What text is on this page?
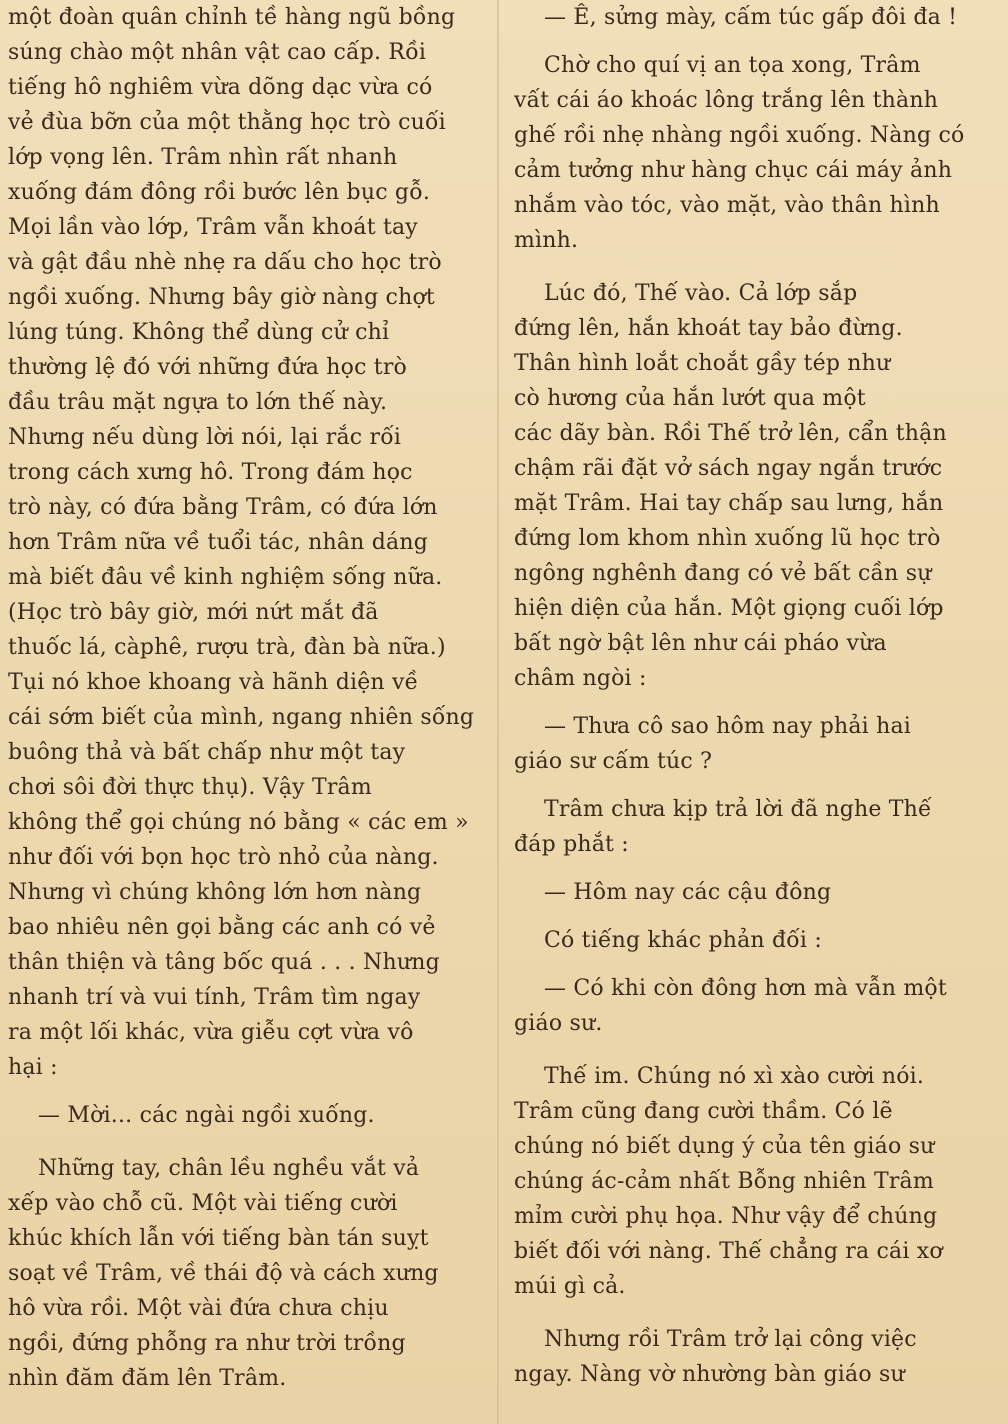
một đoàn quân chỉnh tề hàng ngũ bồng
súng chào một nhân vật cao cấp. Rồi
tiếng hô nghiêm vừa dõng dạc vừa có
vẻ đùa bỡn của một thằng học trò cuối
lớp vọng lên. Trâm nhìn rất nhanh
xuống đám đông rồi bước lên bục gỗ.
Mọi lần vào lớp, Trâm vẫn khoát tay
và gật đầu nhè nhẹ ra dấu cho học trò
ngồi xuống. Nhưng bây giờ nàng chợt
lúng túng. Không thể dùng cử chỉ
thường lệ đó với những đứa học trò
đầu trâu mặt ngựa to lớn thế này.
Nhưng nếu dùng lời nói, lại rắc rối
trong cách xưng hô. Trong đám học
trò này, có đứa bằng Trâm, có đứa lớn
hơn Trâm nữa về tuổi tác, nhân dáng
mà biết đâu về kinh nghiệm sống nữa.
(Học trò bây giờ, mới nứt mắt đã
thuốc lá, càphê, rượu trà, đàn bà nữa.)
Tụi nó khoe khoang và hãnh diện về
cái sớm biết của mình, ngang nhiên sống
buông thả và bất chấp như một tay
chơi sôi đời thực thụ). Vậy Trâm
không thể gọi chúng nó bằng « các em »
như đối với bọn học trò nhỏ của nàng.
Nhưng vì chúng không lớn hơn nàng
bao nhiêu nên gọi bằng các anh có vẻ
thân thiện và tâng bốc quá . . . Nhưng
nhanh trí và vui tính, Trâm tìm ngay
ra một lối khác, vừa giễu cợt vừa vô
hại :
— Mời... các ngài ngồi xuống.
Những tay, chân lều nghều vắt vả
xếp vào chỗ cũ. Một vài tiếng cười
khúc khích lẫn với tiếng bàn tán suỵt
soạt về Trâm, về thái độ và cách xưng
hô vừa rồi. Một vài đứa chưa chịu
ngồi, đứng phỗng ra như trời trồng
nhìn đăm đăm lên Trâm.
— Ê, sửng mày, cấm túc gấp đôi đa !
Chờ cho quí vị an tọa xong, Trâm
vất cái áo khoác lông trắng lên thành
ghế rồi nhẹ nhàng ngồi xuống. Nàng có
cảm tưởng như hàng chục cái máy ảnh
nhắm vào tóc, vào mặt, vào thân hình
mình.
Lúc đó, Thế vào. Cả lớp sắp
đứng lên, hắn khoát tay bảo đừng.
Thân hình loắt choắt gầy tép như
cò hương của hắn lướt qua một
các dãy bàn. Rồi Thế trở lên, cẩn thận
chậm rãi đặt vở sách ngay ngắn trước
mặt Trâm. Hai tay chấp sau lưng, hắn
đứng lom khom nhìn xuống lũ học trò
ngông nghênh đang có vẻ bất cần sự
hiện diện của hắn. Một giọng cuối lớp
bất ngờ bật lên như cái pháo vừa
châm ngòi :
— Thưa cô sao hôm nay phải hai
giáo sư cấm túc ?
Trâm chưa kịp trả lời đã nghe Thế
đáp phắt :
— Hôm nay các cậu đông
Có tiếng khác phản đối :
— Có khi còn đông hơn mà vẫn một
giáo sư.
Thế im. Chúng nó xì xào cười nói.
Trâm cũng đang cười thầm. Có lẽ
chúng nó biết dụng ý của tên giáo sư
chúng ác-cảm nhất Bỗng nhiên Trâm
mỉm cười phụ họa. Như vậy để chúng
biết đối với nàng. Thế chẳng ra cái xơ
múi gì cả.
Nhưng rồi Trâm trở lại công việc
ngay. Nàng vờ nhường bàn giáo sư
